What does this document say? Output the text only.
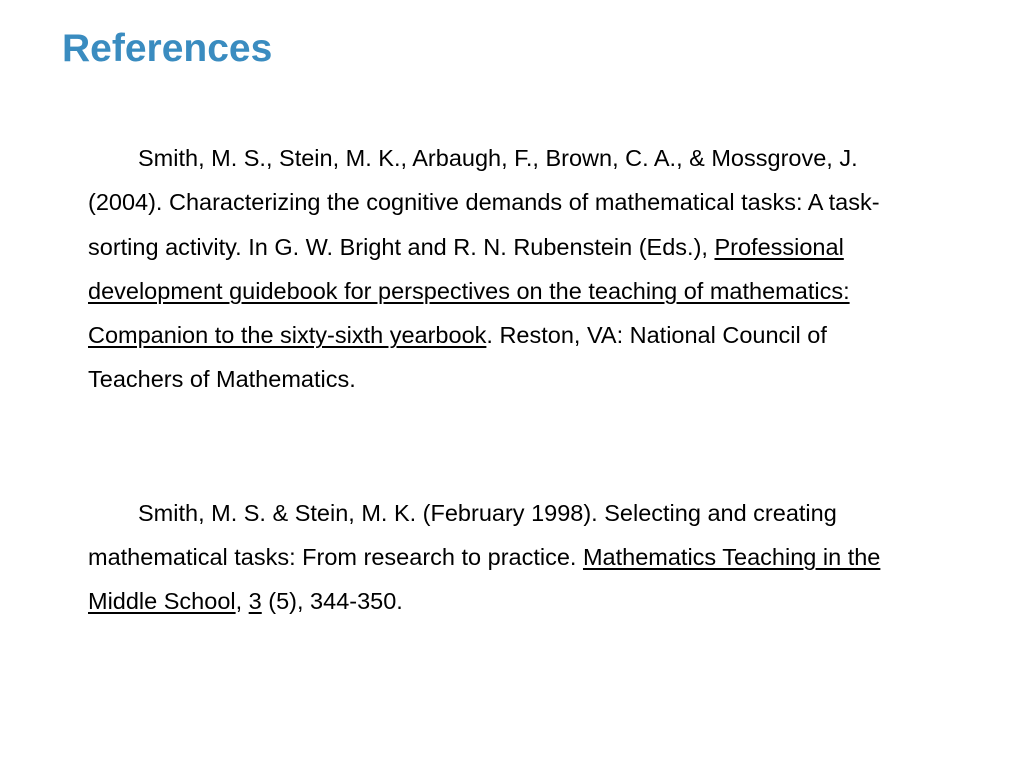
References

Smith, M. S., Stein, M. K., Arbaugh, F., Brown, C. A., & Mossgrove, J. (2004). Characterizing the cognitive demands of mathematical tasks: A task-sorting activity. In G. W. Bright and R. N. Rubenstein (Eds.), Professional development guidebook for perspectives on the teaching of mathematics: Companion to the sixty-sixth yearbook. Reston, VA: National Council of Teachers of Mathematics.

Smith, M. S. & Stein, M. K. (February 1998). Selecting and creating mathematical tasks: From research to practice. Mathematics Teaching in the Middle School, 3 (5), 344-350.
